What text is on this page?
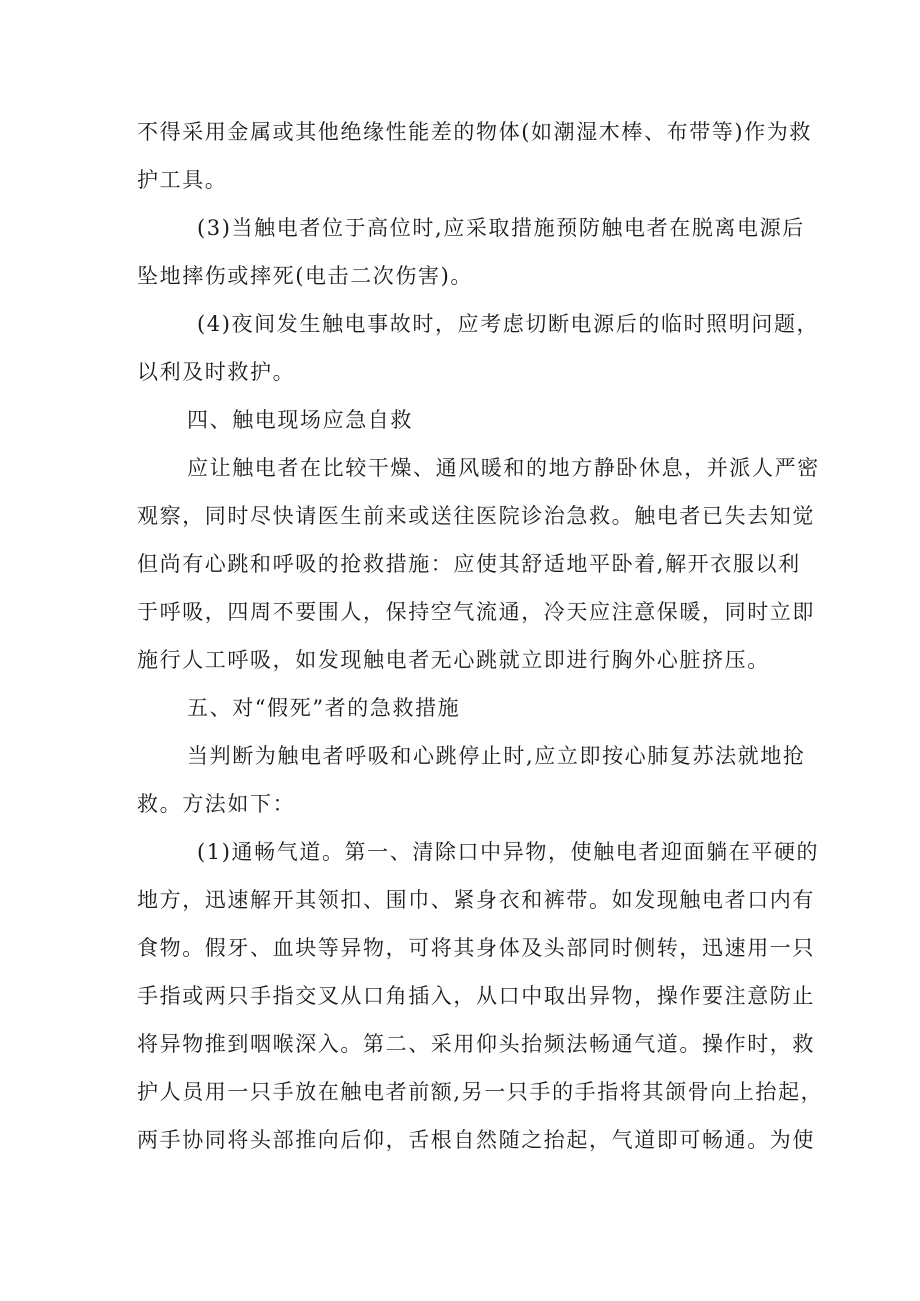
不得采用金属或其他绝缘性能差的物体(如潮湿木棒、布带等)作为救
护工具。
(3)当触电者位于高位时,应采取措施预防触电者在脱离电源后
坠地摔伤或摔死(电击二次伤害)。
(4)夜间发生触电事故时，应考虑切断电源后的临时照明问题，
以利及时救护。
四、触电现场应急自救
应让触电者在比较干燥、通风暖和的地方静卧休息，并派人严密
观察，同时尽快请医生前来或送往医院诊治急救。触电者已失去知觉
但尚有心跳和呼吸的抢救措施：应使其舒适地平卧着,解开衣服以利
于呼吸，四周不要围人，保持空气流通，冷天应注意保暖，同时立即
施行人工呼吸，如发现触电者无心跳就立即进行胸外心脏挤压。
五、对“假死”者的急救措施
当判断为触电者呼吸和心跳停止时,应立即按心肺复苏法就地抢
救。方法如下：
(1)通畅气道。第一、清除口中异物，使触电者迎面躺在平硬的
地方，迅速解开其领扣、围巾、紧身衣和裤带。如发现触电者口内有
食物。假牙、血块等异物，可将其身体及头部同时侧转，迅速用一只
手指或两只手指交叉从口角插入，从口中取出异物，操作要注意防止
将异物推到咽喉深入。第二、采用仰头抬频法畅通气道。操作时，救
护人员用一只手放在触电者前额,另一只手的手指将其颌骨向上抬起，
两手协同将头部推向后仰，舌根自然随之抬起，气道即可畅通。为使
